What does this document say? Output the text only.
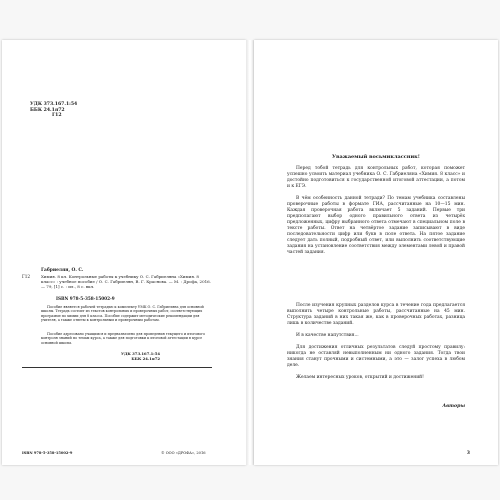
УДК 373.167.1:54
ББК 24.1я72
Г12
Габриелян, О. С.
Г12	Химия. 8 кл. Контрольные работы к учебнику О. С. Габриеляна «Химия. 8 класс» : учебное пособие / О. С. Габриелян, В. Г. Краснова. — М. : Дрофа, 2016. — 79, [1] с. : ил., 8 с. вкл.
ISBN 978-5-358-15002-9
Пособие является рабочей тетрадью к комплекту УМК О. С. Габриеляна для основной школы. Тетрадь состоит из текстов контрольных и проверочных работ, соответствующих программе по химии для 8 класса. Пособие содержит методические рекомендации для учителя, а также ответы к контрольным и проверочным работам.
Пособие адресовано учащимся и предназначено для проведения текущего и итогового контроля знаний по темам курса, а также для подготовки к итоговой аттестации в курсе основной школы.
УДК 373.167.1:54
ББК 24.1я72
ISBN 978-5-358-15002-9	© ООО «ДРОФА», 2016
Уважаемый восьмиклассник!
Перед тобой тетрадь для контрольных работ, которая поможет успешно усвоить материал учебника О. С. Габриеляна «Химия. 8 класс» и достойно подготовиться к государственной итоговой аттестации, а потом и к ЕГЭ.
В чём особенность данной тетради? По темам учебника составлены проверочные работы в формате ГИА, рассчитанные на 10—15 мин. Каждая проверочная работа включает 5 заданий. Первые три предполагают выбор одного правильного ответа из четырёх предложенных, цифру выбранного ответа отмечают в специальном поле в тексте работы. Ответ на четвёртое задание записывают в виде последовательности цифр или букв в поле ответа. На пятое задание следует дать полный, подробный ответ, или выполнить соответствующие задания на установление соответствия между элементами левой и правой частей задания.
После изучения крупных разделов курса в течение года предлагается выполнить четыре контрольные работы, рассчитанные на 45 мин. Структура заданий в них такая же, как в проверочных работах, разница лишь в количестве заданий.
И в качестве напутствия...
Для достижения отличных результатов следуй простому правилу: никогда не оставляй невыполненным ни одного задания. Тогда твои знания станут прочными и системными, а это — залог успеха в любом деле.
Желаем интересных уроков, открытий и достижений!
Авторы
3
